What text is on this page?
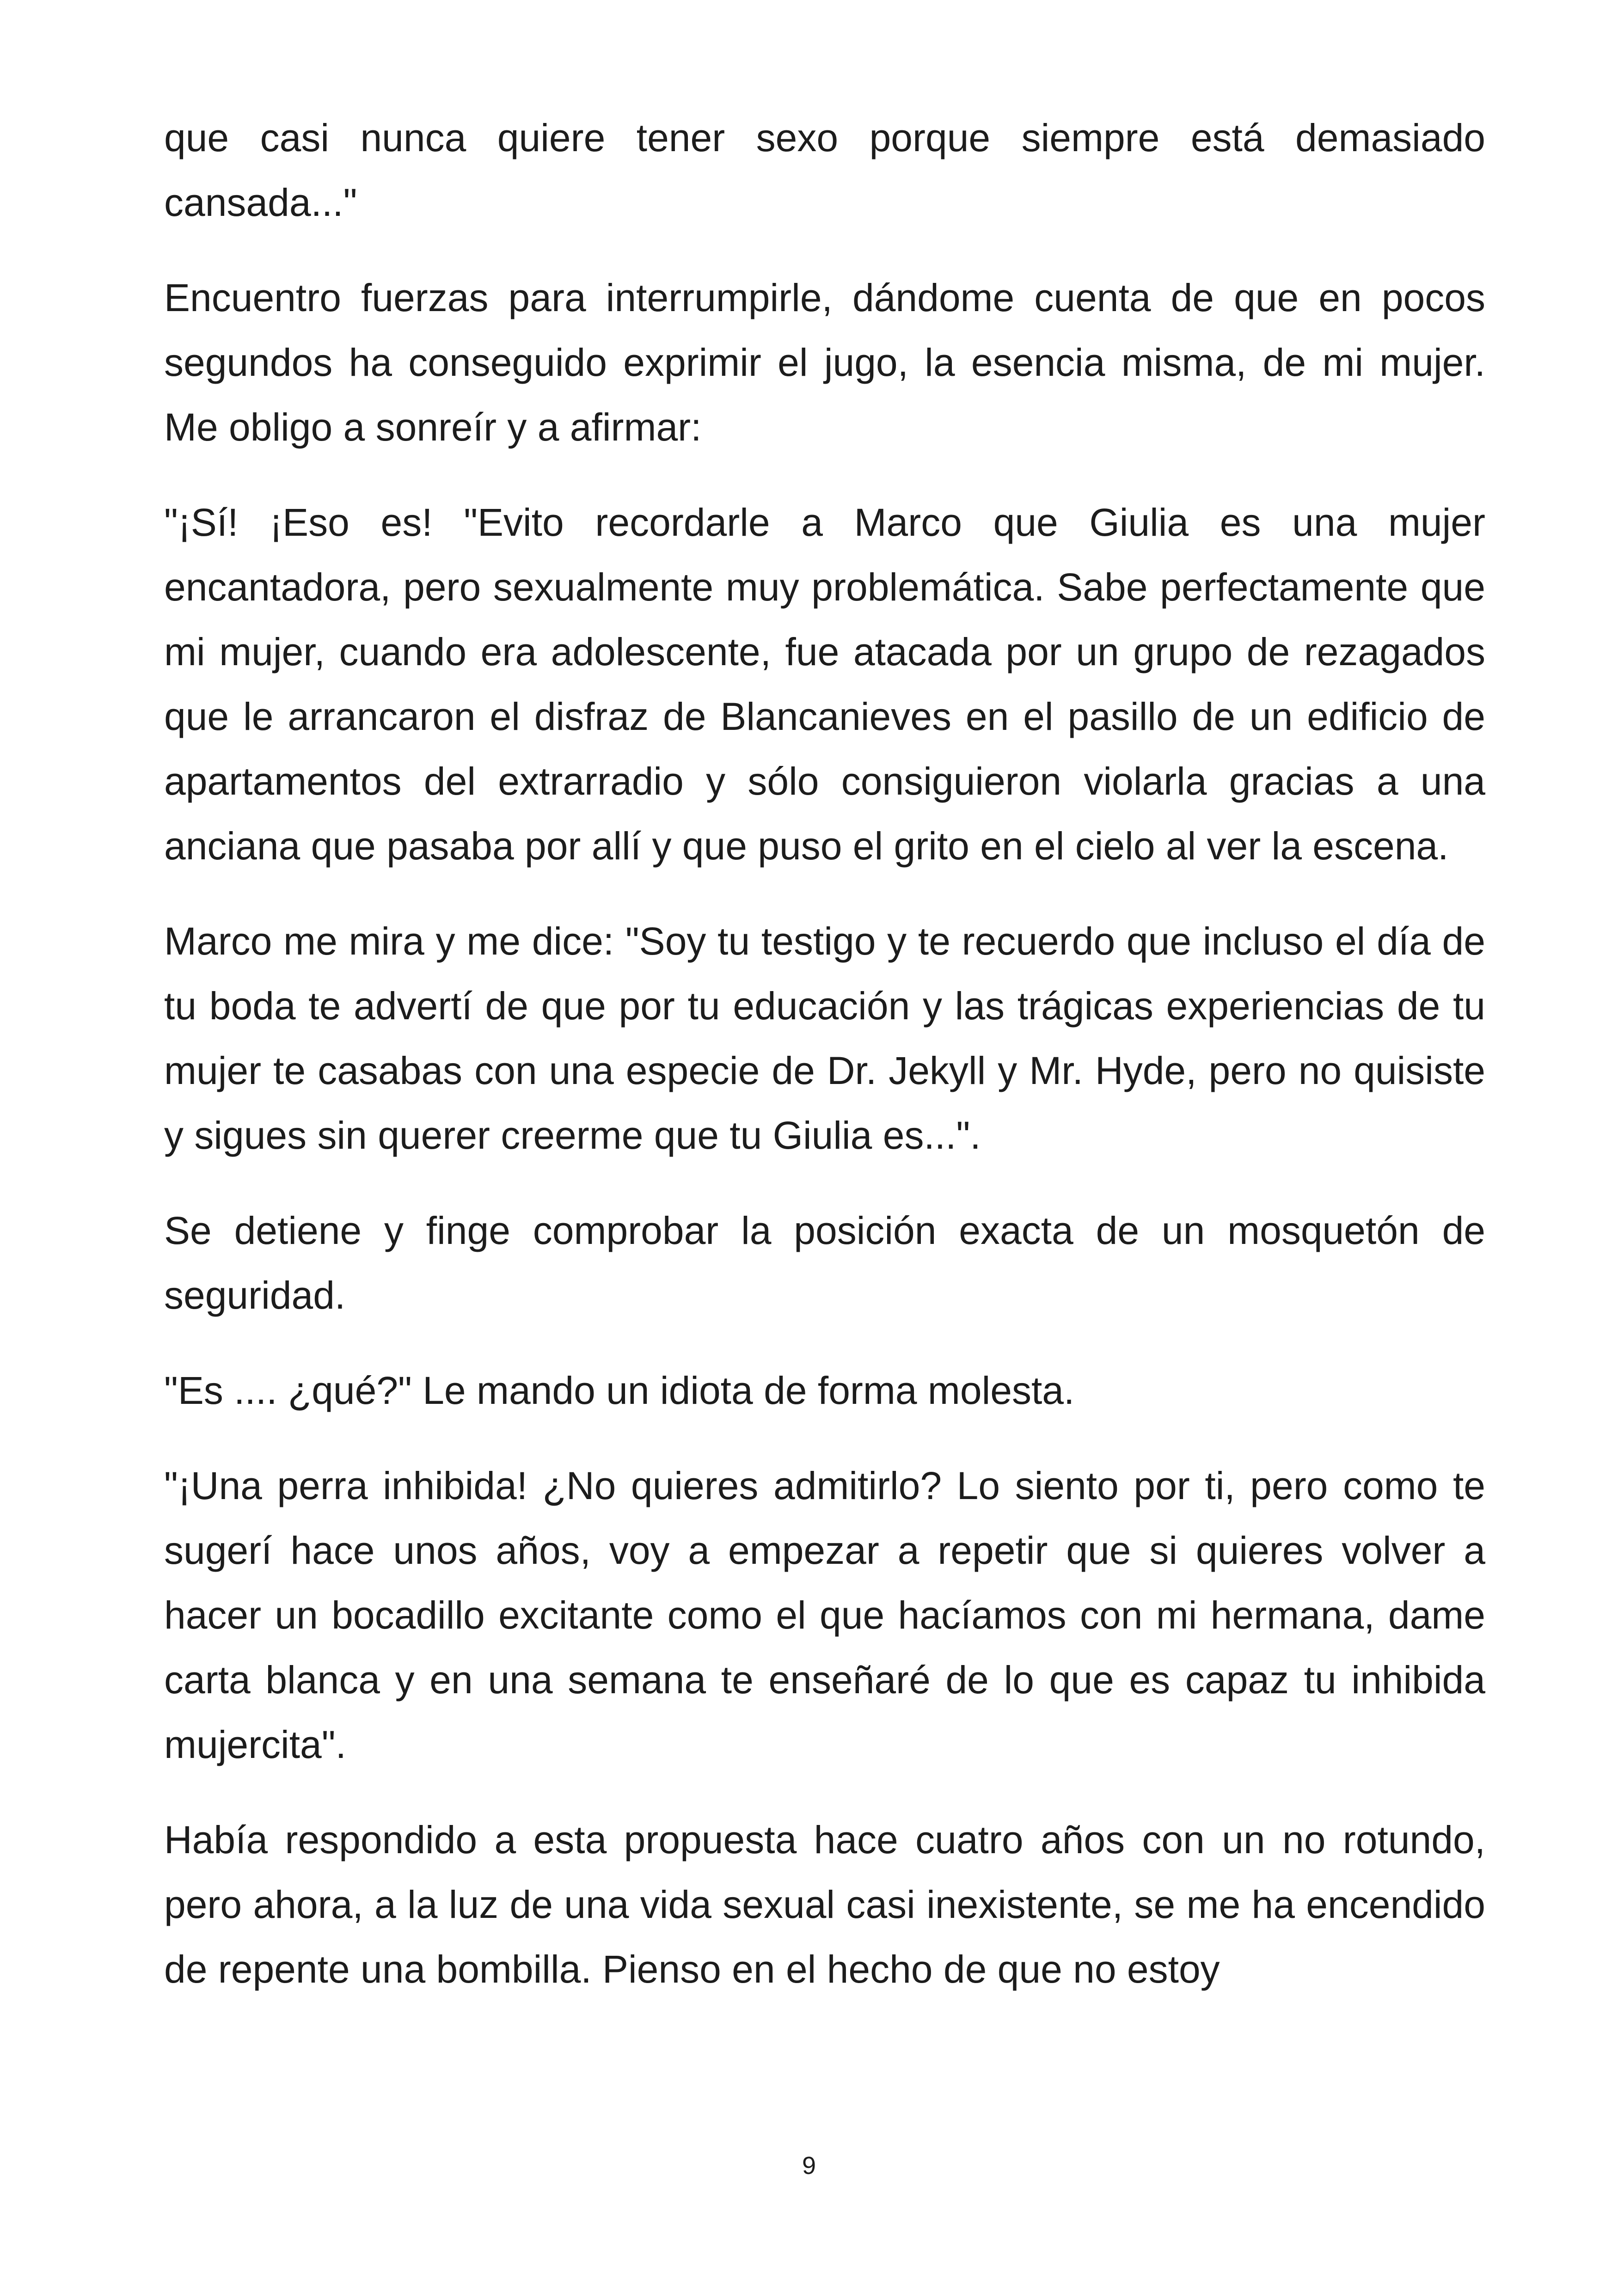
que casi nunca quiere tener sexo porque siempre está demasiado cansada..."

Encuentro fuerzas para interrumpirle, dándome cuenta de que en pocos segundos ha conseguido exprimir el jugo, la esencia misma, de mi mujer. Me obligo a sonreír y a afirmar:

"¡Sí! ¡Eso es! "Evito recordarle a Marco que Giulia es una mujer encantadora, pero sexualmente muy problemática. Sabe perfectamente que mi mujer, cuando era adolescente, fue atacada por un grupo de rezagados que le arrancaron el disfraz de Blancanieves en el pasillo de un edificio de apartamentos del extrarradio y sólo consiguieron violarla gracias a una anciana que pasaba por allí y que puso el grito en el cielo al ver la escena.

Marco me mira y me dice: "Soy tu testigo y te recuerdo que incluso el día de tu boda te advertí de que por tu educación y las trágicas experiencias de tu mujer te casabas con una especie de Dr. Jekyll y Mr. Hyde, pero no quisiste y sigues sin querer creerme que tu Giulia es...".

Se detiene y finge comprobar la posición exacta de un mosquetón de seguridad.

"Es .... ¿qué?" Le mando un idiota de forma molesta.

"¡Una perra inhibida! ¿No quieres admitirlo? Lo siento por ti, pero como te sugerí hace unos años, voy a empezar a repetir que si quieres volver a hacer un bocadillo excitante como el que hacíamos con mi hermana, dame carta blanca y en una semana te enseñaré de lo que es capaz tu inhibida mujercita".

Había respondido a esta propuesta hace cuatro años con un no rotundo, pero ahora, a la luz de una vida sexual casi inexistente, se me ha encendido de repente una bombilla. Pienso en el hecho de que no estoy

9
